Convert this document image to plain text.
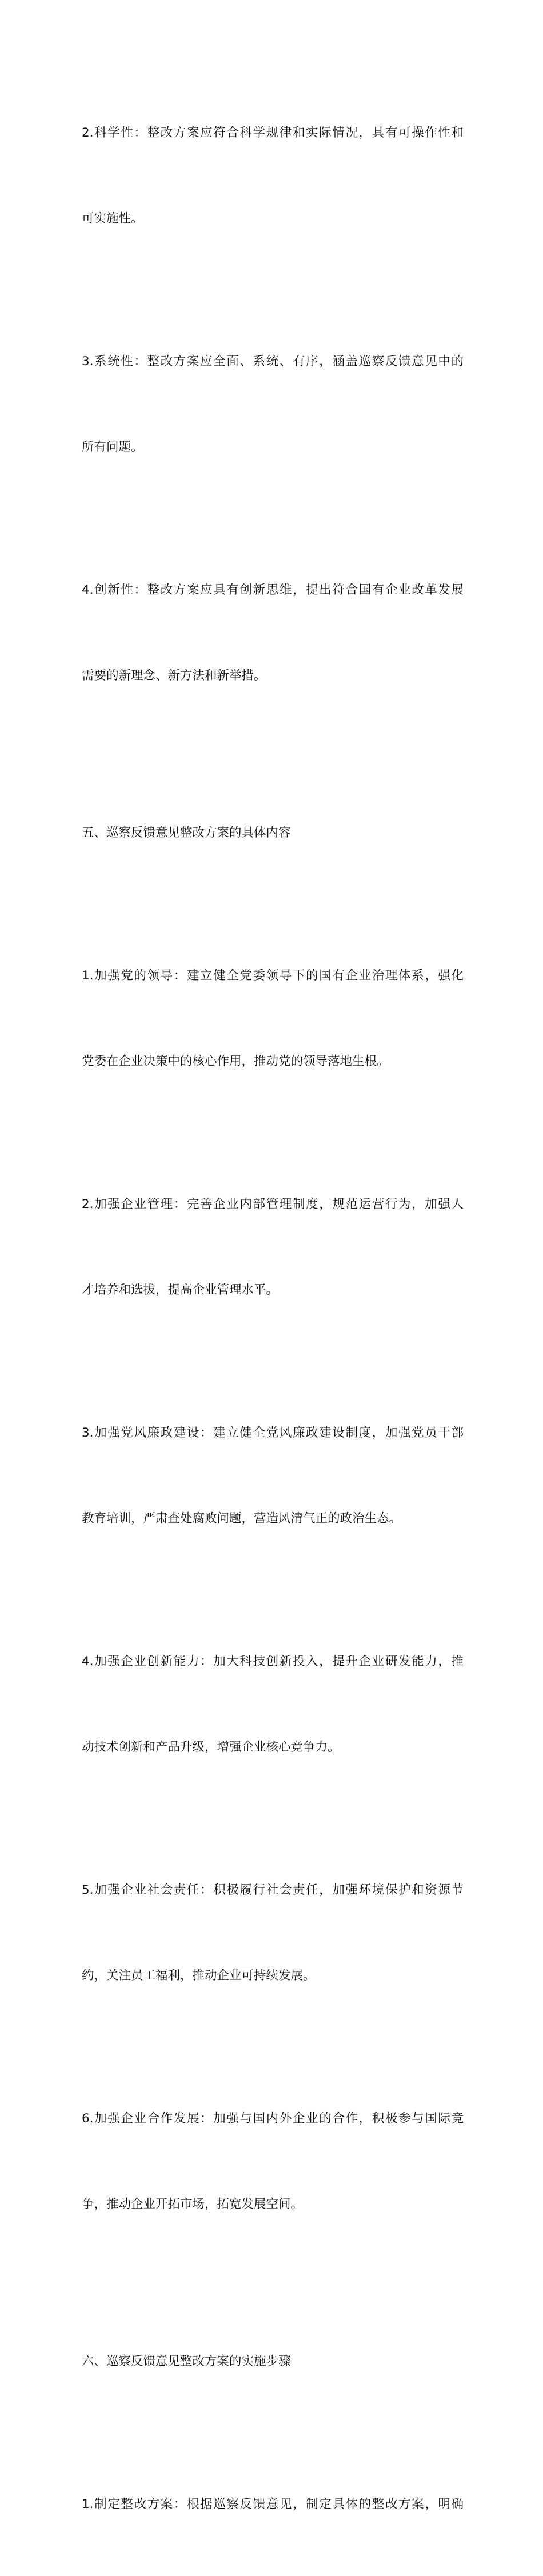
2.科学性：整改方案应符合科学规律和实际情况，具有可操作性和

可实施性。

3.系统性：整改方案应全面、系统、有序，涵盖巡察反馈意见中的

所有问题。

4.创新性：整改方案应具有创新思维，提出符合国有企业改革发展

需要的新理念、新方法和新举措。

五、巡察反馈意见整改方案的具体内容

1.加强党的领导：建立健全党委领导下的国有企业治理体系，强化

党委在企业决策中的核心作用，推动党的领导落地生根。

2.加强企业管理：完善企业内部管理制度，规范运营行为，加强人

才培养和选拔，提高企业管理水平。

3.加强党风廉政建设：建立健全党风廉政建设制度，加强党员干部

教育培训，严肃查处腐败问题，营造风清气正的政治生态。

4.加强企业创新能力：加大科技创新投入，提升企业研发能力，推

动技术创新和产品升级，增强企业核心竞争力。

5.加强企业社会责任：积极履行社会责任，加强环境保护和资源节

约，关注员工福利，推动企业可持续发展。

6.加强企业合作发展：加强与国内外企业的合作，积极参与国际竞

争，推动企业开拓市场，拓宽发展空间。

六、巡察反馈意见整改方案的实施步骤

1.制定整改方案：根据巡察反馈意见，制定具体的整改方案，明确
